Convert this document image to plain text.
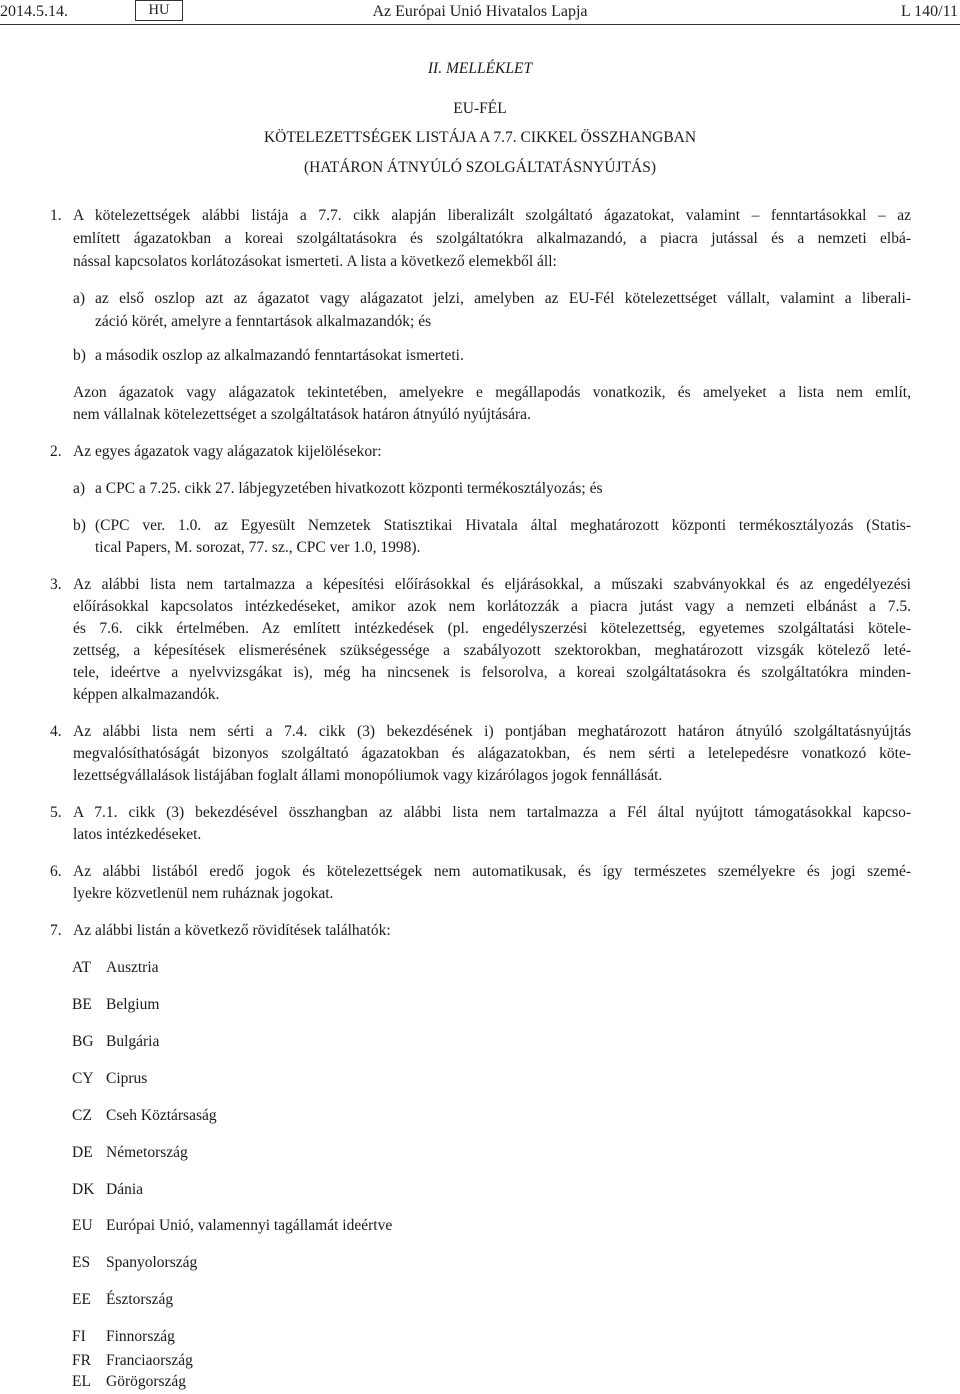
2014.5.14.	HU	Az Európai Unió Hivatalos Lapja	L 140/11
II. MELLÉKLET
EU-FÉL
KÖTELEZETTSÉGEK LISTÁJA A 7.7. CIKKEL ÖSSZHANGBAN
(HATÁRON ÁTNYÚLÓ SZOLGÁLTATÁSNYÚJTÁS)
1. A kötelezettségek alábbi listája a 7.7. cikk alapján liberalizált szolgáltató ágazatokat, valamint – fenntartásokkal – az
említett ágazatokban a koreai szolgáltatásokra és szolgáltatókra alkalmazandó, a piacra jutással és a nemzeti elbá-
nással kapcsolatos korlátozásokat ismerteti. A lista a következő elemekből áll:
a) az első oszlop azt az ágazatot vagy alágazatot jelzi, amelyben az EU-Fél kötelezettséget vállalt, valamint a liberali-
záció körét, amelyre a fenntartások alkalmazandók; és
b) a második oszlop az alkalmazandó fenntartásokat ismerteti.
Azon ágazatok vagy alágazatok tekintetében, amelyekre e megállapodás vonatkozik, és amelyeket a lista nem említ,
nem vállalnak kötelezettséget a szolgáltatások határon átnyúló nyújtására.
2. Az egyes ágazatok vagy alágazatok kijelölésekor:
a) a CPC a 7.25. cikk 27. lábjegyzetében hivatkozott központi termékosztályozás; és
b) (CPC ver. 1.0. az Egyesült Nemzetek Statisztikai Hivatala által meghatározott központi termékosztályozás (Statis-
tical Papers, M. sorozat, 77. sz., CPC ver 1.0, 1998).
3. Az alábbi lista nem tartalmazza a képesítési előírásokkal és eljárásokkal, a műszaki szabványokkal és az engedélyezési
előírásokkal kapcsolatos intézkedéseket, amikor azok nem korlátozzák a piacra jutást vagy a nemzeti elbánást a 7.5.
és 7.6. cikk értelmében. Az említett intézkedések (pl. engedélyszerzési kötelezettség, egyetemes szolgáltatási kötele-
zettség, a képesítések elismerésének szükségessége a szabályozott szektorokban, meghatározott vizsgák kötelező leté-
tele, ideértve a nyelvvizsgákat is), még ha nincsenek is felsorolva, a koreai szolgáltatásokra és szolgáltatókra minden-
képpen alkalmazandók.
4. Az alábbi lista nem sérti a 7.4. cikk (3) bekezdésének i) pontjában meghatározott határon átnyúló szolgáltatásnyújtás
megvalósíthatóságát bizonyos szolgáltató ágazatokban és alágazatokban, és nem sérti a letelepedésre vonatkozó köte-
lezettségvállalások listájában foglalt állami monopóliumok vagy kizárólagos jogok fennállását.
5. A 7.1. cikk (3) bekezdésével összhangban az alábbi lista nem tartalmazza a Fél által nyújtott támogatásokkal kapcso-
latos intézkedéseket.
6. Az alábbi listából eredő jogok és kötelezettségek nem automatikusak, és így természetes személyekre és jogi szemé-
lyekre közvetlenül nem ruháznak jogokat.
7. Az alábbi listán a következő rövidítések találhatók:
AT Ausztria
BE Belgium
BG Bulgária
CY Ciprus
CZ Cseh Köztársaság
DE Németország
DK Dánia
EU Európai Unió, valamennyi tagállamát ideértve
ES	Spanyolország
EE Észtország
FI	Finnország
FR Franciaország
EL Görögország
